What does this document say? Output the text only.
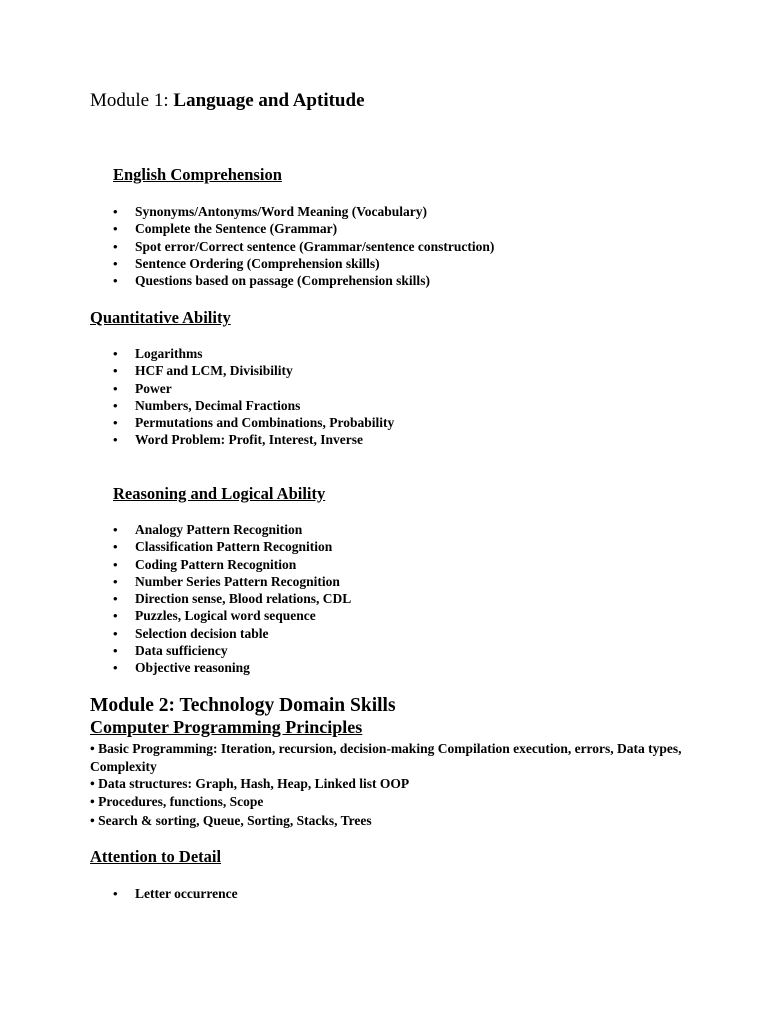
Module 1: Language and Aptitude
English Comprehension
• Synonyms/Antonyms/Word Meaning (Vocabulary)
• Complete the Sentence (Grammar)
• Spot error/Correct sentence (Grammar/sentence construction)
• Sentence Ordering (Comprehension skills)
• Questions based on passage (Comprehension skills)
Quantitative Ability
• Logarithms
• HCF and LCM, Divisibility
• Power
• Numbers, Decimal Fractions
• Permutations and Combinations, Probability
• Word Problem: Profit, Interest, Inverse
Reasoning and Logical Ability
• Analogy Pattern Recognition
• Classification Pattern Recognition
• Coding Pattern Recognition
• Number Series Pattern Recognition
• Direction sense, Blood relations, CDL
• Puzzles, Logical word sequence
• Selection decision table
• Data sufficiency
• Objective reasoning
Module 2: Technology Domain Skills
Computer Programming Principles

• Basic Programming: Iteration, recursion, decision-making Compilation execution, errors, Data types, Complexity

• Data structures: Graph, Hash, Heap, Linked list OOP

• Procedures, functions, Scope

• Search & sorting, Queue, Sorting, Stacks, Trees

Attention to Detail
• Letter occurrence
